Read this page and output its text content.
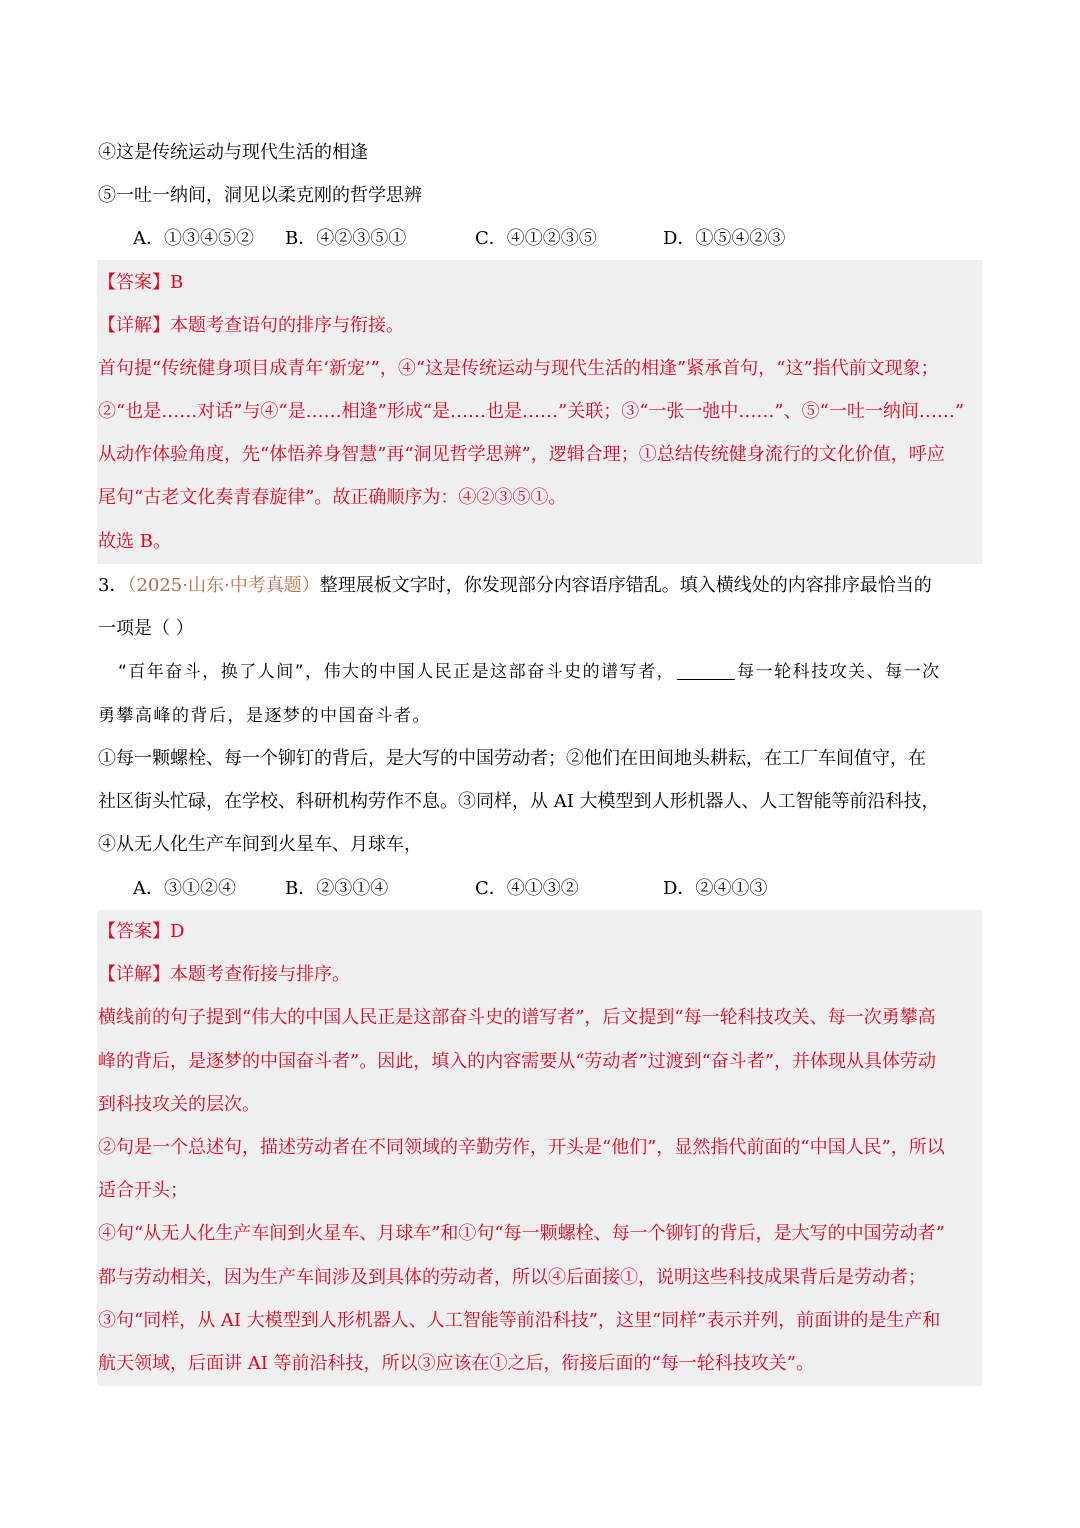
④这是传统运动与现代生活的相逢
⑤一吐一纳间，洞见以柔克刚的哲学思辨
A．①③④⑤② B．④②③⑤①	C．④①②③⑤	D．①⑤④②③
【答案】B
【详解】本题考查语句的排序与衔接。
首句提“传统健身项目成青年‘新宠’”，④“这是传统运动与现代生活的相逢”紧承首句，“这”指代前文现象；
②“也是……对话”与④“是……相逢”形成“是……也是……”关联；③“一张一弛中……”、⑤“一吐一纳间……”
从动作体验角度，先“体悟养身智慧”再“洞见哲学思辨”，逻辑合理；①总结传统健身流行的文化价值，呼应
尾句“古老文化奏青春旋律”。故正确顺序为：④②③⑤①。
故选 B。
3．（2025·山东·中考真题）整理展板文字时，你发现部分内容语序错乱。填入横线处的内容排序最恰当的
一项是（ ）
“百年奋斗，换了人间”，伟大的中国人民正是这部奋斗史的谱写者，	每一轮科技攻关、每一次
勇攀高峰的背后，是逐梦的中国奋斗者。
①每一颗螺栓、每一个铆钉的背后，是大写的中国劳动者；②他们在田间地头耕耘，在工厂车间值守，在
社区街头忙碌，在学校、科研机构劳作不息。③同样，从 AI 大模型到人形机器人、人工智能等前沿科技，
④从无人化生产车间到火星车、月球车，
A．③①②④	B．②③①④	C．④①③②	D．②④①③
【答案】D
【详解】本题考查衔接与排序。
横线前的句子提到“伟大的中国人民正是这部奋斗史的谱写者”，后文提到“每一轮科技攻关、每一次勇攀高
峰的背后，是逐梦的中国奋斗者”。因此，填入的内容需要从“劳动者”过渡到“奋斗者”，并体现从具体劳动
到科技攻关的层次。
②句是一个总述句，描述劳动者在不同领域的辛勤劳作，开头是“他们”，显然指代前面的“中国人民”，所以
适合开头；
④句“从无人化生产车间到火星车、月球车”和①句“每一颗螺栓、每一个铆钉的背后，是大写的中国劳动者”
都与劳动相关，因为生产车间涉及到具体的劳动者，所以④后面接①，说明这些科技成果背后是劳动者；
③句“同样，从 AI 大模型到人形机器人、人工智能等前沿科技”，这里“同样”表示并列，前面讲的是生产和
航天领域，后面讲 AI 等前沿科技，所以③应该在①之后，衔接后面的“每一轮科技攻关”。
